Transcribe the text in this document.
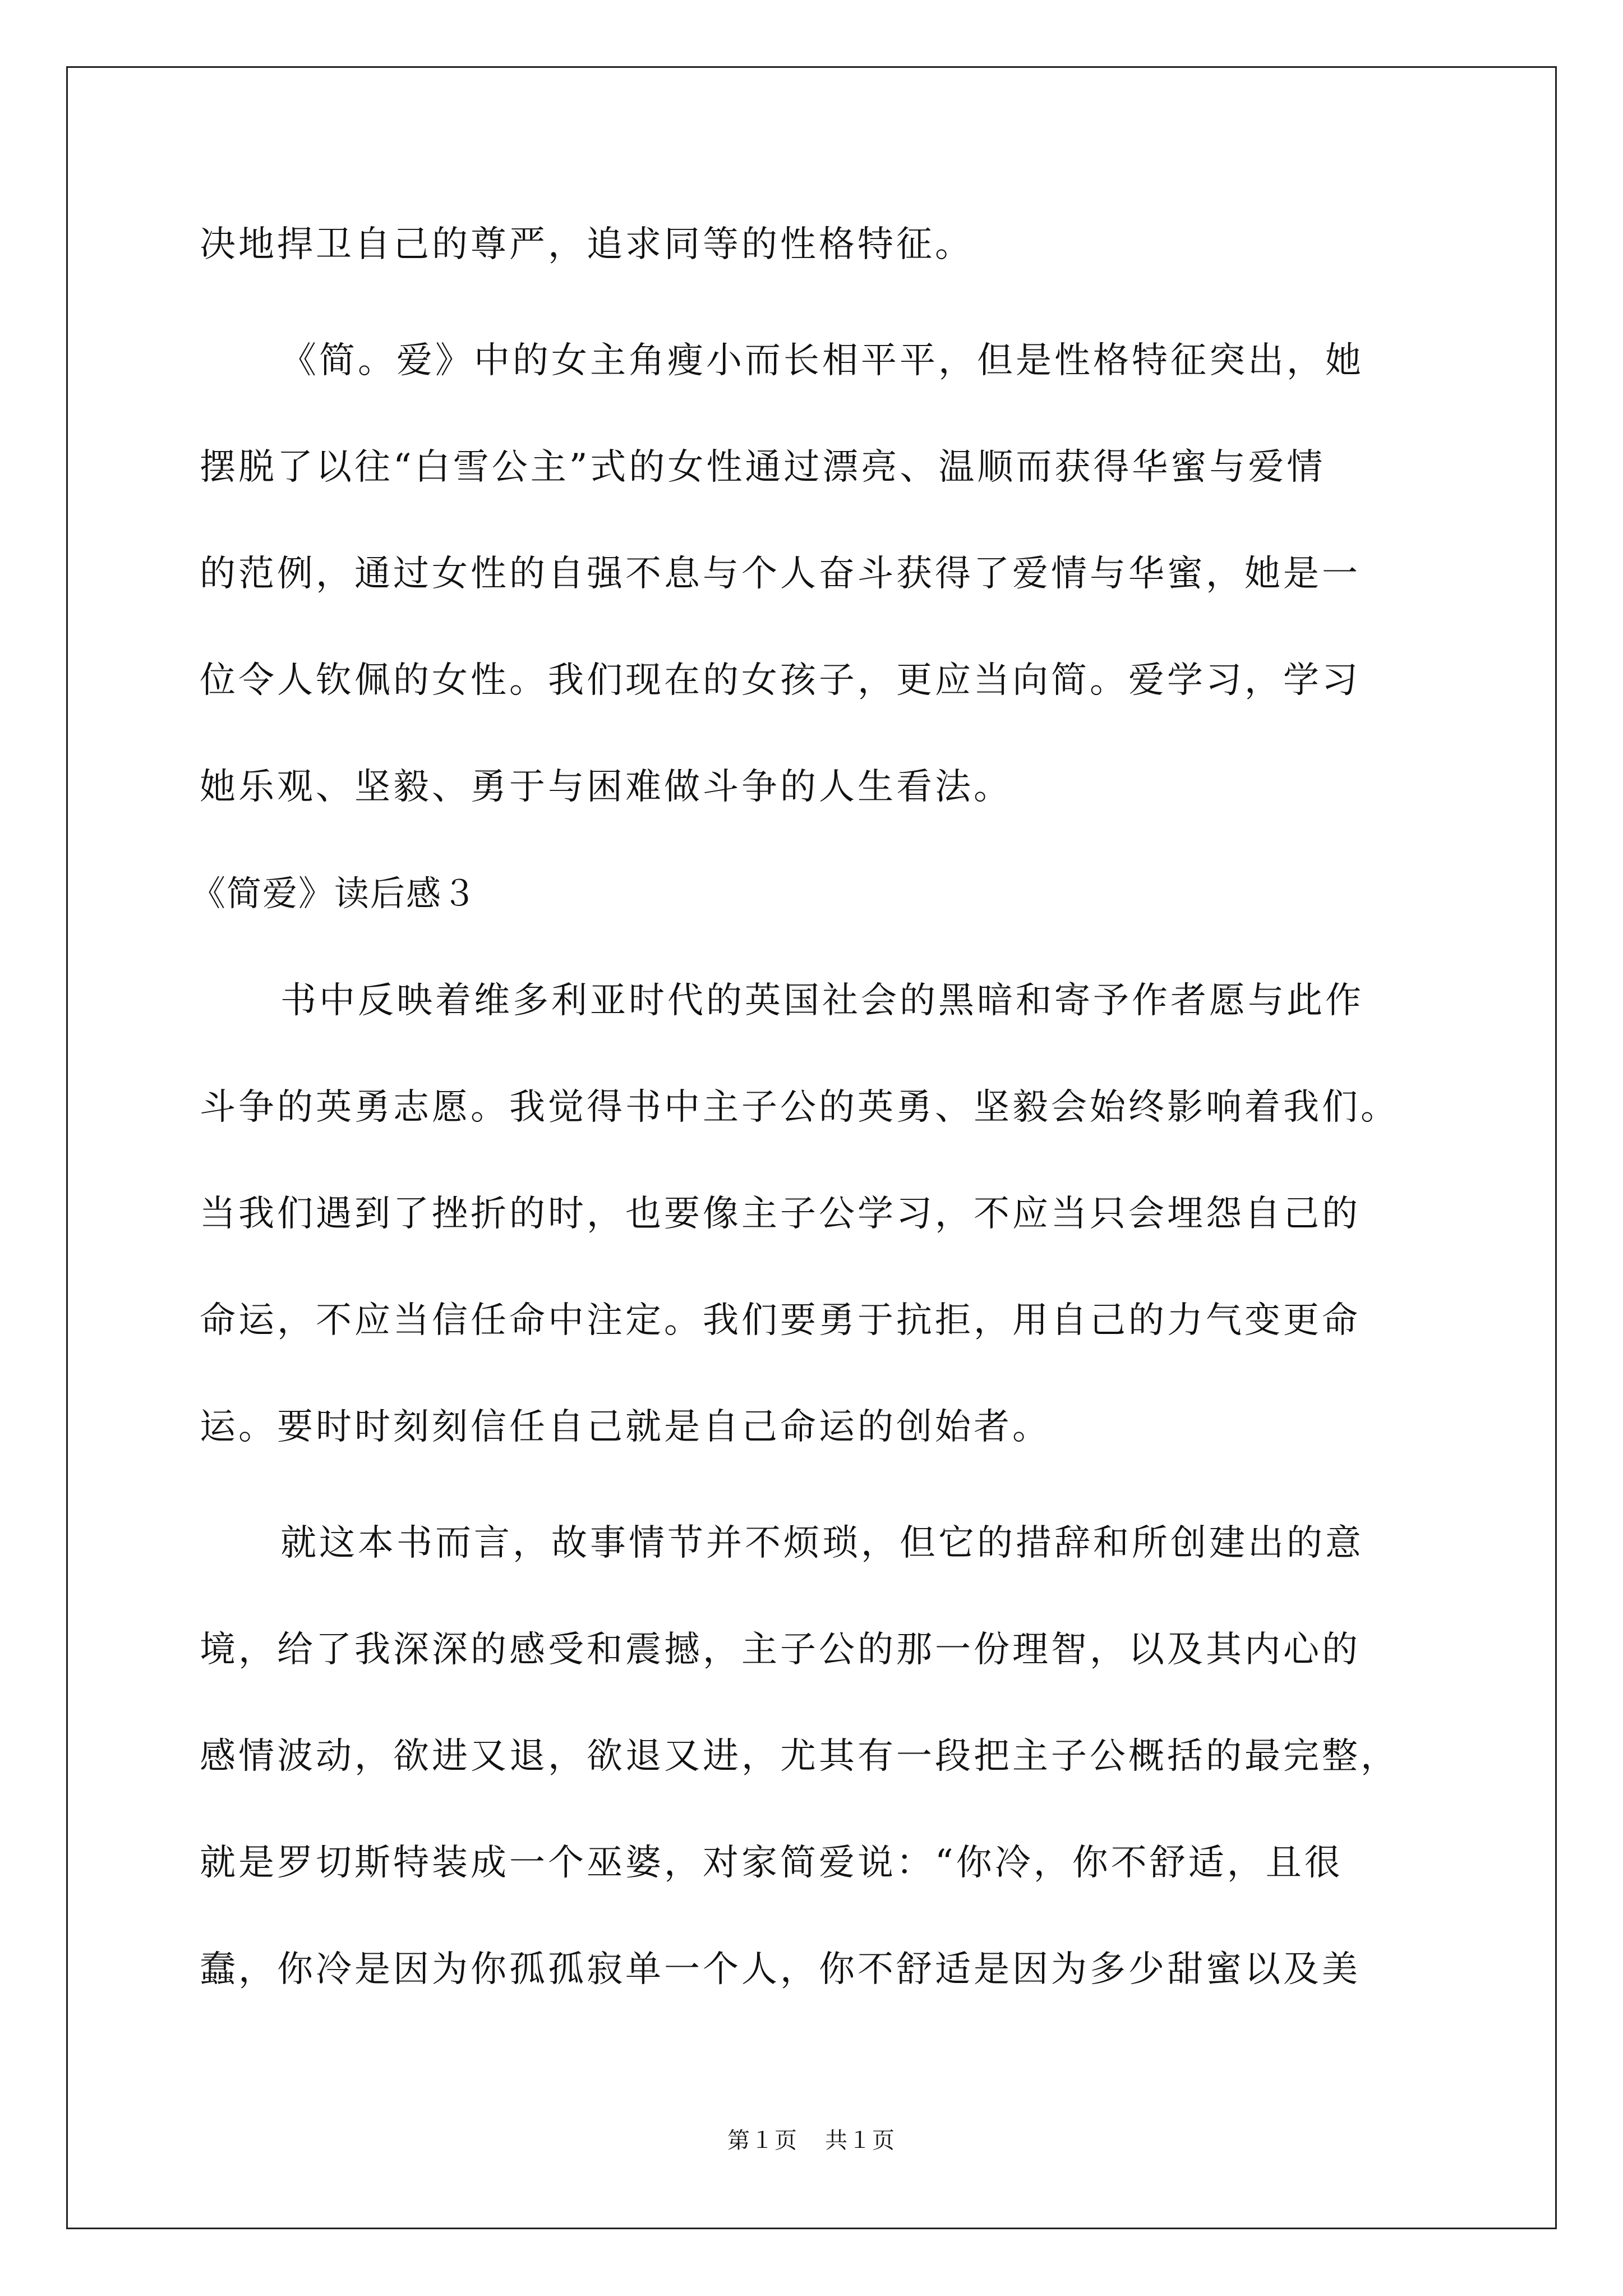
决地捍卫自己的尊严，追求同等的性格特征。
《简。爱》中的女主角瘦小而长相平平，但是性格特征突出，她
摆脱了以往“白雪公主”式的女性通过漂亮、温顺而获得华蜜与爱情
的范例，通过女性的自强不息与个人奋斗获得了爱情与华蜜，她是一
位令人钦佩的女性。我们现在的女孩子，更应当向简。爱学习，学习
她乐观、坚毅、勇于与困难做斗争的人生看法。
《简爱》读后感３
书中反映着维多利亚时代的英国社会的黑暗和寄予作者愿与此作
斗争的英勇志愿。我觉得书中主子公的英勇、坚毅会始终影响着我们。
当我们遇到了挫折的时，也要像主子公学习，不应当只会埋怨自己的
命运，不应当信任命中注定。我们要勇于抗拒，用自己的力气变更命
运。要时时刻刻信任自己就是自己命运的创始者。
就这本书而言，故事情节并不烦琐，但它的措辞和所创建出的意
境，给了我深深的感受和震撼，主子公的那一份理智，以及其内心的
感情波动，欲进又退，欲退又进，尤其有一段把主子公概括的最完整，
就是罗切斯特装成一个巫婆，对家简爱说：“你冷，你不舒适，且很
蠢，你冷是因为你孤孤寂单一个人，你不舒适是因为多少甜蜜以及美
第１页 共１页
